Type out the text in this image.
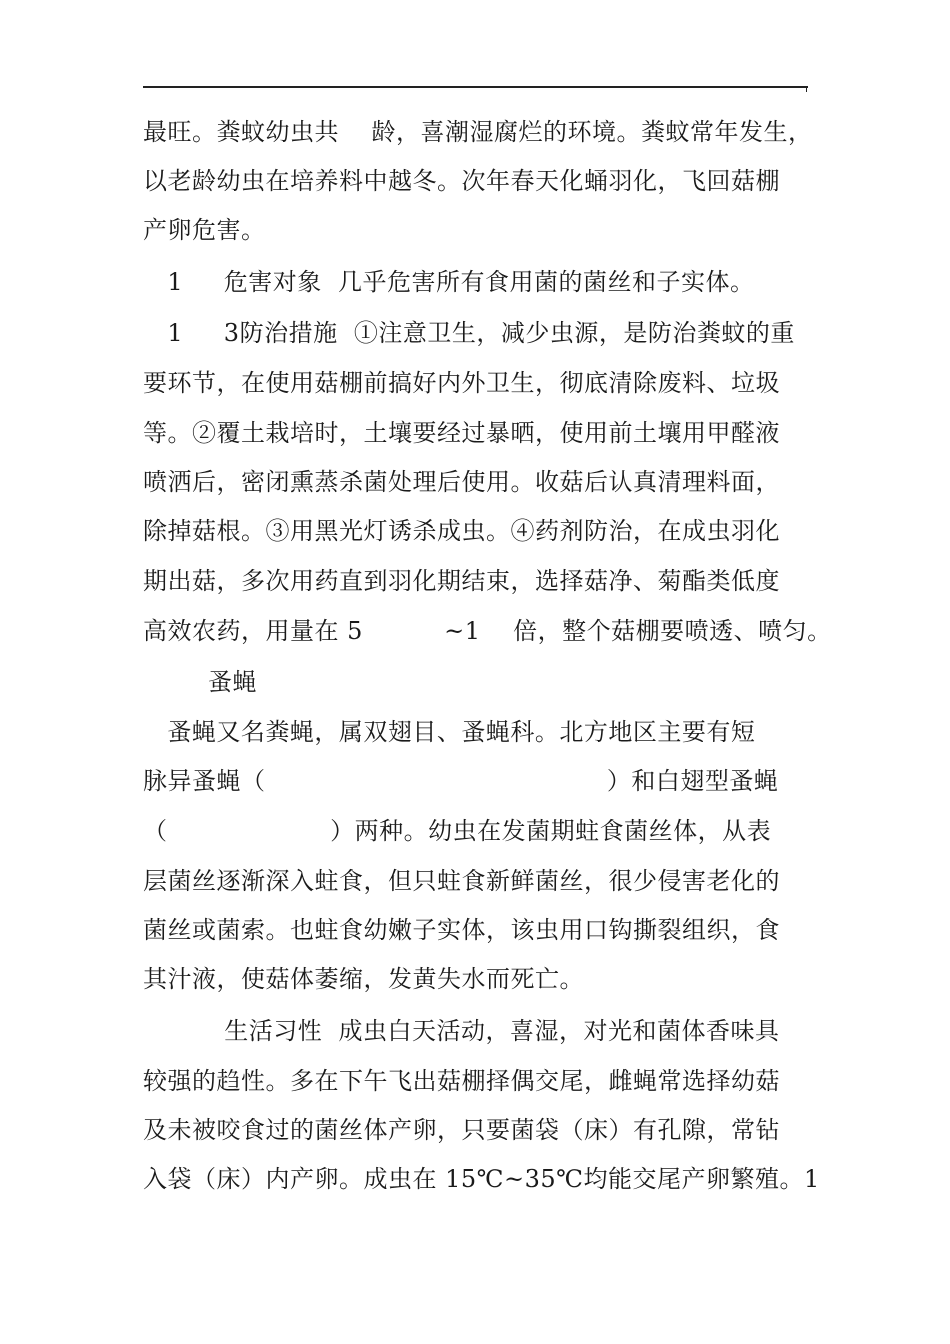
最旺。粪蚊幼虫共    龄，喜潮湿腐烂的环境。粪蚊常年发生，
以老龄幼虫在培养料中越冬。次年春天化蛹羽化，飞回菇棚
产卵危害。
1     危害对象  几乎危害所有食用菌的菌丝和子实体。
1     3防治措施  ①注意卫生，减少虫源，是防治粪蚊的重
要环节，在使用菇棚前搞好内外卫生，彻底清除废料、垃圾
等。②覆土栽培时，土壤要经过暴晒，使用前土壤用甲醛液
喷洒后，密闭熏蒸杀菌处理后使用。收菇后认真清理料面，
除掉菇根。③用黑光灯诱杀成虫。④药剂防治，在成虫羽化
期出菇，多次用药直到羽化期结束，选择菇净、菊酯类低度
高效农药，用量在 5          ~1    倍，整个菇棚要喷透、喷匀。
蚤蝇
蚤蝇又名粪蝇，属双翅目、蚤蝇科。北方地区主要有短
脉异蚤蝇（                                          ）和白翅型蚤蝇
（                    ）两种。幼虫在发菌期蛀食菌丝体，从表
层菌丝逐渐深入蛀食，但只蛀食新鲜菌丝，很少侵害老化的
菌丝或菌索。也蛀食幼嫩子实体，该虫用口钩撕裂组织，食
其汁液，使菇体萎缩，发黄失水而死亡。
生活习性  成虫白天活动，喜湿，对光和菌体香味具
较强的趋性。多在下午飞出菇棚择偶交尾，雌蝇常选择幼菇
及未被咬食过的菌丝体产卵，只要菌袋（床）有孔隙，常钻
入袋（床）内产卵。成虫在 15℃~35℃均能交尾产卵繁殖。1
